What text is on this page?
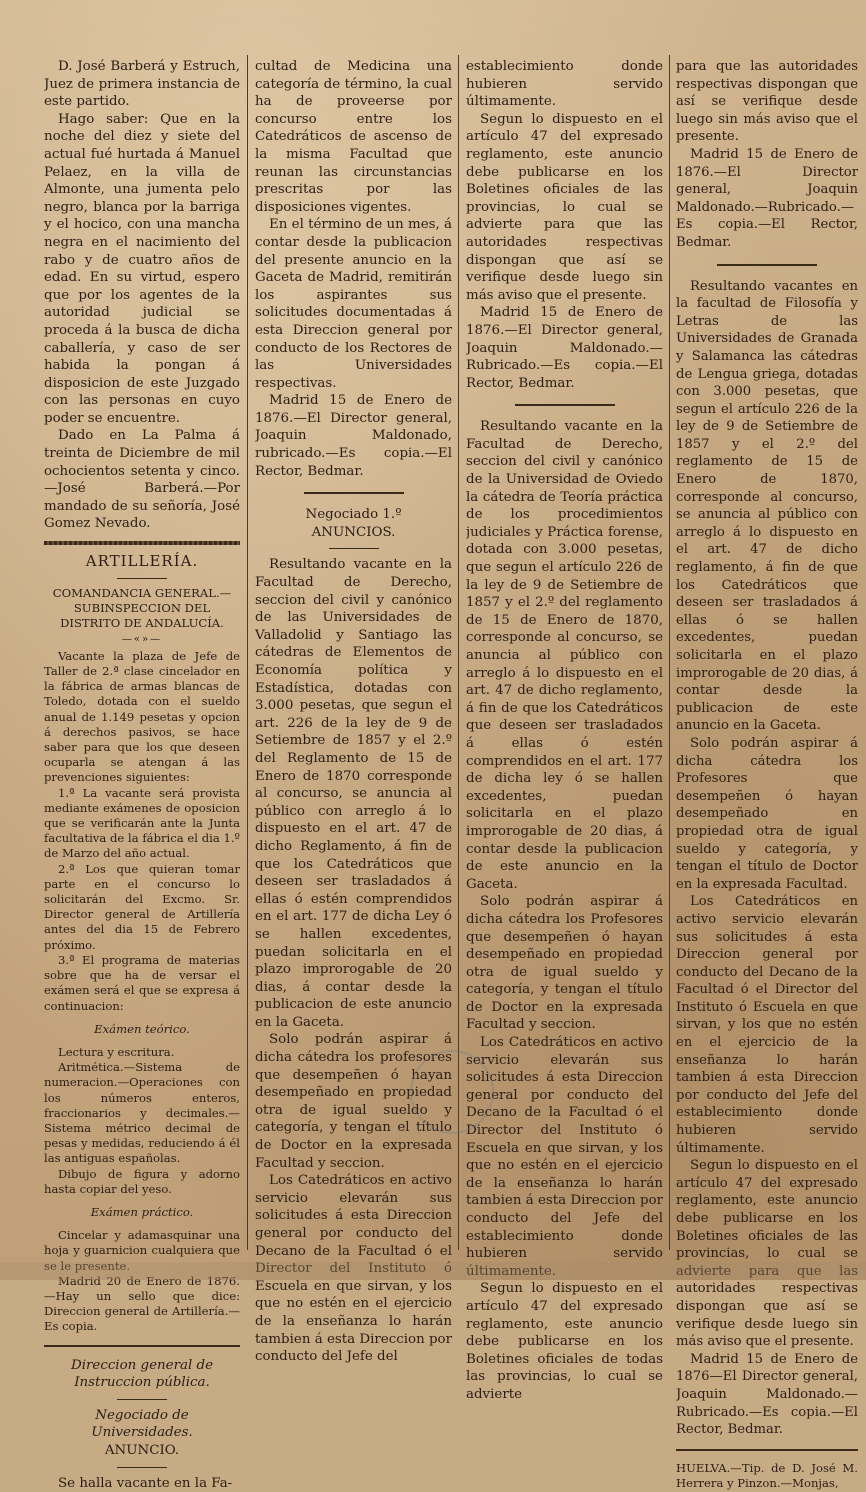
D. José Barberá y Estruch, Juez de primera instancia de este partido.

Hago saber: Que en la noche del diez y siete del actual fué hurtada á Manuel Pelaez, en la villa de Almonte, una jumenta pelo negro, blanca por la barriga y el hocico, con una mancha negra en el nacimiento del rabo y de cuatro años de edad. En su virtud, espero que por los agentes de la autoridad judicial se proceda á la busca de dicha caballería, y caso de ser habida la pongan á disposicion de este Juzgado con las personas en cuyo poder se encuentre.

Dado en La Palma á treinta de Diciembre de mil ochocientos setenta y cinco.—José Barberá.—Por mandado de su señoría, José Gomez Nevado.

ARTILLERÍA.

COMANDANCIA GENERAL.—SUBINSPECCION DEL DISTRITO DE ANDALUCÍA.

—«»—

Vacante la plaza de Jefe de Taller de 2.ª clase cincelador en la fábrica de armas blancas de Toledo, dotada con el sueldo anual de 1.149 pesetas y opcion á derechos pasivos, se hace saber para que los que deseen ocuparla se atengan á las prevenciones siguientes:

1.ª La vacante será provista mediante exámenes de oposicion que se verificarán ante la Junta facultativa de la fábrica el dia 1.º de Marzo del año actual.

2.ª Los que quieran tomar parte en el concurso lo solicitarán del Excmo. Sr. Director general de Artillería antes del dia 15 de Febrero próximo.

3.ª El programa de materias sobre que ha de versar el exámen será el que se expresa á continuacion:

Exámen teórico.

Lectura y escritura.

Aritmética.—Sistema de numeracion.—Operaciones con los números enteros, fraccionarios y decimales.—Sistema métrico decimal de pesas y medidas, reduciendo á él las antiguas españolas.

Dibujo de figura y adorno hasta copiar del yeso.

Exámen práctico.

Cincelar y adamasquinar una hoja y guarnicion cualquiera que se le presente.

Madrid 20 de Enero de 1876.—Hay un sello que dice: Direccion general de Artillería.—Es copia.

Direccion general de Instruccion pública.

Negociado de Universidades.

ANUNCIO.

Se halla vacante en la Fa-

cultad de Medicina una categoría de término, la cual ha de proveerse por concurso entre los Catedráticos de ascenso de la misma Facultad que reunan las circunstancias prescritas por las disposiciones vigentes.

En el término de un mes, á contar desde la publicacion del presente anuncio en la Gaceta de Madrid, remitirán los aspirantes sus solicitudes documentadas á esta Direccion general por conducto de los Rectores de las Universidades respectivas.

Madrid 15 de Enero de 1876.—El Director general, Joaquin Maldonado, rubricado.—Es copia.—El Rector, Bedmar.

Negociado 1.º

ANUNCIOS.

Resultando vacante en la Facultad de Derecho, seccion del civil y canónico de las Universidades de Valladolid y Santiago las cátedras de Elementos de Economía política y Estadística, dotadas con 3.000 pesetas, que segun el art. 226 de la ley de 9 de Setiembre de 1857 y el 2.º del Reglamento de 15 de Enero de 1870 corresponde al concurso, se anuncia al público con arreglo á lo dispuesto en el art. 47 de dicho Reglamento, á fin de que los Catedráticos que deseen ser trasladados á ellas ó estén comprendidos en el art. 177 de dicha Ley ó se hallen excedentes, puedan solicitarla en el plazo improrogable de 20 dias, á contar desde la publicacion de este anuncio en la Gaceta.

Solo podrán aspirar á dicha cátedra los profesores que desempeñen ó hayan desempeñado en propiedad otra de igual sueldo y categoría, y tengan el título de Doctor en la expresada Facultad y seccion.

Los Catedráticos en activo servicio elevarán sus solicitudes á esta Direccion general por conducto del Decano de la Facultad ó el Director del Instituto ó Escuela en que sirvan, y los que no estén en el ejercicio de la enseñanza lo harán tambien á esta Direccion por conducto del Jefe del

establecimiento donde hubieren servido últimamente.

Segun lo dispuesto en el artículo 47 del expresado reglamento, este anuncio debe publicarse en los Boletines oficiales de las provincias, lo cual se advierte para que las autoridades respectivas dispongan que así se verifique desde luego sin más aviso que el presente.

Madrid 15 de Enero de 1876.—El Director general, Joaquin Maldonado.—Rubricado.—Es copia.—El Rector, Bedmar.

Resultando vacante en la Facultad de Derecho, seccion del civil y canónico de la Universidad de Oviedo la cátedra de Teoría práctica de los procedimientos judiciales y Práctica forense, dotada con 3.000 pesetas, que segun el artículo 226 de la ley de 9 de Setiembre de 1857 y el 2.º del reglamento de 15 de Enero de 1870, corresponde al concurso, se anuncia al público con arreglo á lo dispuesto en el art. 47 de dicho reglamento, á fin de que los Catedráticos que deseen ser trasladados á ellas ó estén comprendidos en el art. 177 de dicha ley ó se hallen excedentes, puedan solicitarla en el plazo improrogable de 20 dias, á contar desde la publicacion de este anuncio en la Gaceta.

Solo podrán aspirar á dicha cátedra los Profesores que desempeñen ó hayan desempeñado en propiedad otra de igual sueldo y categoría, y tengan el título de Doctor en la expresada Facultad y seccion.

Los Catedráticos en activo servicio elevarán sus solicitudes á esta Direccion general por conducto del Decano de la Facultad ó el Director del Instituto ó Escuela en que sirvan, y los que no estén en el ejercicio de la enseñanza lo harán tambien á esta Direccion por conducto del Jefe del establecimiento donde hubieren servido últimamente.

Segun lo dispuesto en el artículo 47 del expresado reglamento, este anuncio debe publicarse en los Boletines oficiales de todas las provincias, lo cual se advierte

para que las autoridades respectivas dispongan que así se verifique desde luego sin más aviso que el presente.

Madrid 15 de Enero de 1876.—El Director general, Joaquin Maldonado.—Rubricado.—Es copia.—El Rector, Bedmar.

Resultando vacantes en la facultad de Filosofía y Letras de las Universidades de Granada y Salamanca las cátedras de Lengua griega, dotadas con 3.000 pesetas, que segun el artículo 226 de la ley de 9 de Setiembre de 1857 y el 2.º del reglamento de 15 de Enero de 1870, corresponde al concurso, se anuncia al público con arreglo á lo dispuesto en el art. 47 de dicho reglamento, á fin de que los Catedráticos que deseen ser trasladados á ellas ó se hallen excedentes, puedan solicitarla en el plazo improrogable de 20 dias, á contar desde la publicacion de este anuncio en la Gaceta.

Solo podrán aspirar á dicha cátedra los Profesores que desempeñen ó hayan desempeñado en propiedad otra de igual sueldo y categoría, y tengan el título de Doctor en la expresada Facultad.

Los Catedráticos en activo servicio elevarán sus solicitudes á esta Direccion general por conducto del Decano de la Facultad ó el Director del Instituto ó Escuela en que sirvan, y los que no estén en el ejercicio de la enseñanza lo harán tambien á esta Direccion por conducto del Jefe del establecimiento donde hubieren servido últimamente.

Segun lo dispuesto en el artículo 47 del expresado reglamento, este anuncio debe publicarse en los Boletines oficiales de las provincias, lo cual se advierte para que las autoridades respectivas dispongan que así se verifique desde luego sin más aviso que el presente.

Madrid 15 de Enero de 1876—El Director general, Joaquin Maldonado.—Rubricado.—Es copia.—El Rector, Bedmar.

HUELVA.—Tip. de D. José M. Herrera y Pinzon.—Monjas,
